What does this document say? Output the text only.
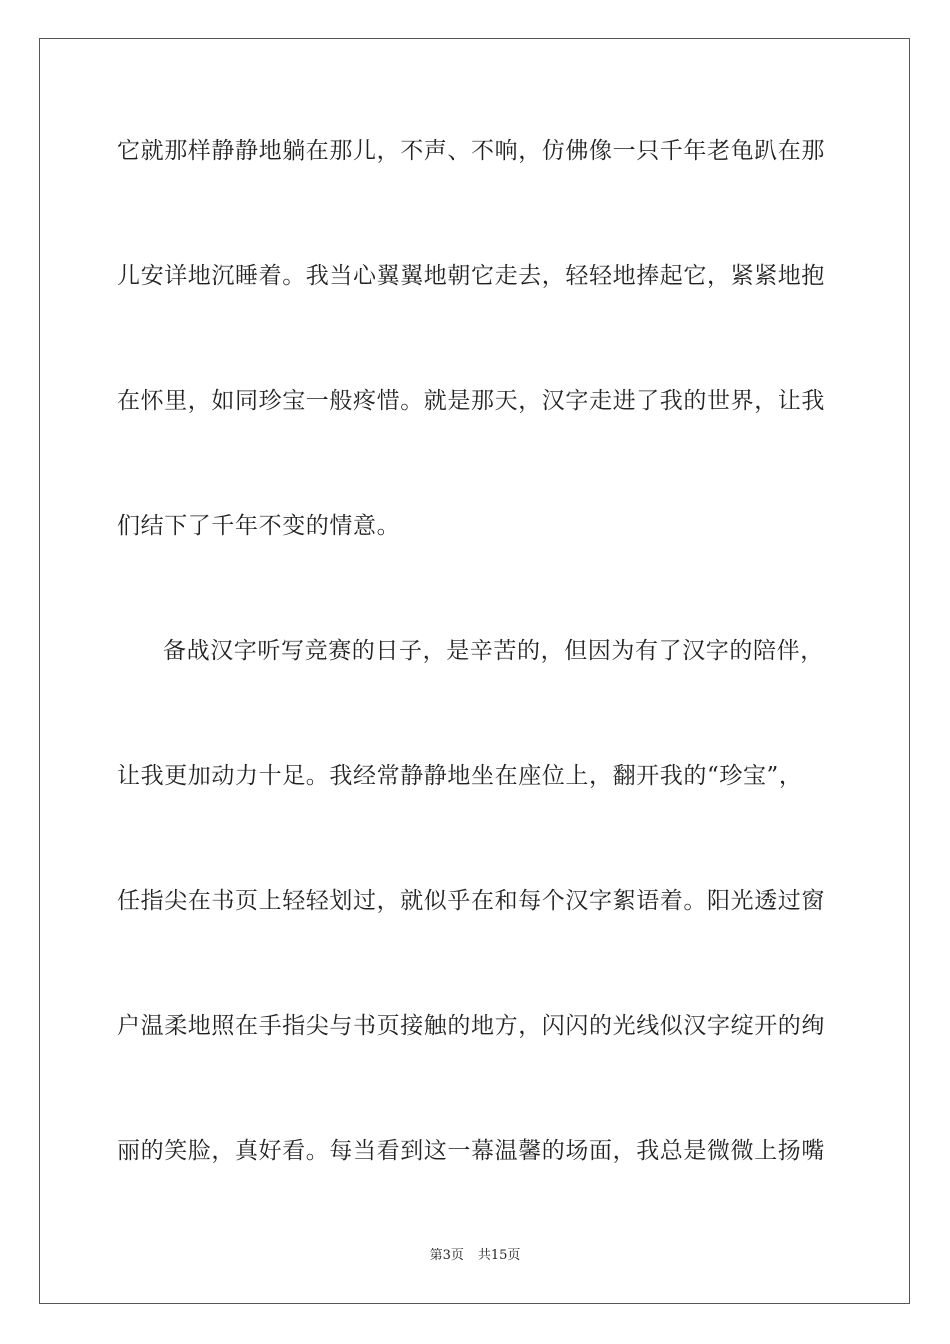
它就那样静静地躺在那儿，不声、不响，仿佛像一只千年老龟趴在那
儿安详地沉睡着。我当心翼翼地朝它走去，轻轻地捧起它，紧紧地抱
在怀里，如同珍宝一般疼惜。就是那天，汉字走进了我的世界，让我
们结下了千年不变的情意。
备战汉字听写竞赛的日子，是辛苦的，但因为有了汉字的陪伴，
让我更加动力十足。我经常静静地坐在座位上，翻开我的“珍宝”，
任指尖在书页上轻轻划过，就似乎在和每个汉字絮语着。阳光透过窗
户温柔地照在手指尖与书页接触的地方，闪闪的光线似汉字绽开的绚
丽的笑脸，真好看。每当看到这一幕温馨的场面，我总是微微上扬嘴
第3页 共15页
